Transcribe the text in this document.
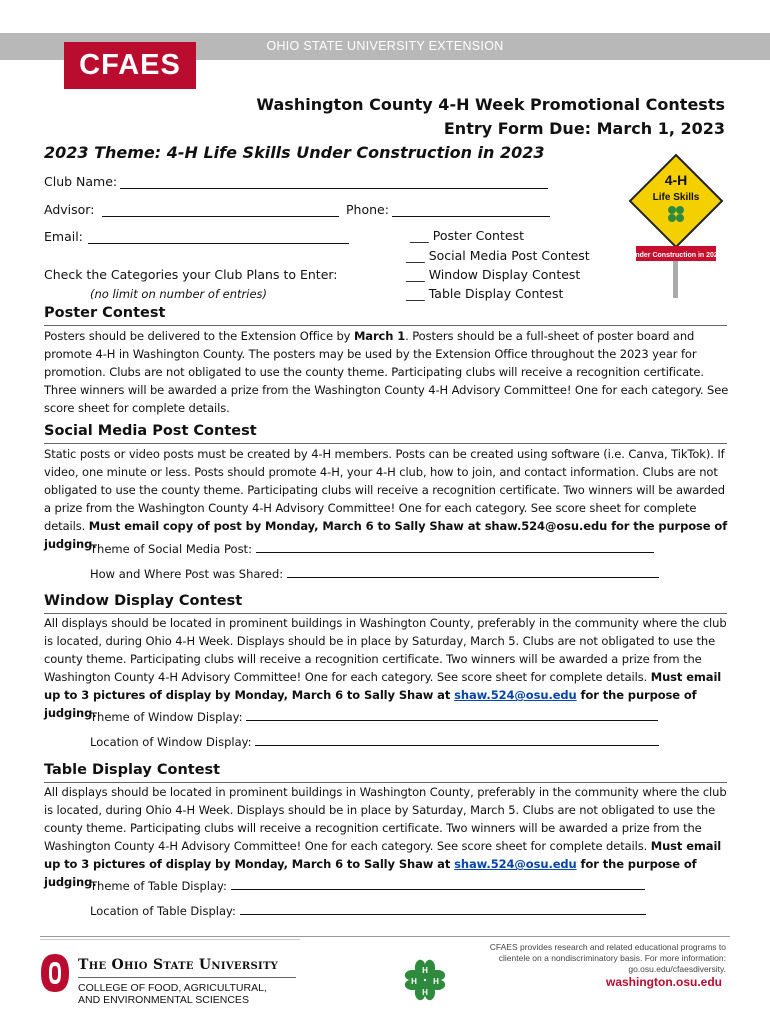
OHIO STATE UNIVERSITY EXTENSION
CFAES
Washington County 4-H Week Promotional Contests
Entry Form Due: March 1, 2023
2023 Theme: 4-H Life Skills Under Construction in 2023
Club Name:
Advisor:	Phone:
Email:
Check the Categories your Club Plans to Enter:
(no limit on number of entries)
___ Poster Contest
___ Social Media Post Contest
___ Window Display Contest
___ Table Display Contest
4-H
Life Skills
Under Construction in 2023
Poster Contest
Posters should be delivered to the Extension Office by March 1. Posters should be a full-sheet of poster board and promote 4-H in Washington County. The posters may be used by the Extension Office throughout the 2023 year for promotion. Clubs are not obligated to use the county theme. Participating clubs will receive a recognition certificate. Three winners will be awarded a prize from the Washington County 4-H Advisory Committee! One for each category. See score sheet for complete details.
Social Media Post Contest
Static posts or video posts must be created by 4-H members. Posts can be created using software (i.e. Canva, TikTok). If video, one minute or less. Posts should promote 4-H, your 4-H club, how to join, and contact information. Clubs are not obligated to use the county theme. Participating clubs will receive a recognition certificate. Two winners will be awarded a prize from the Washington County 4-H Advisory Committee! One for each category. See score sheet for complete details. Must email copy of post by Monday, March 6 to Sally Shaw at shaw.524@osu.edu for the purpose of judging.
Theme of Social Media Post:
How and Where Post was Shared:
Window Display Contest
All displays should be located in prominent buildings in Washington County, preferably in the community where the club is located, during Ohio 4-H Week. Displays should be in place by Saturday, March 5. Clubs are not obligated to use the county theme. Participating clubs will receive a recognition certificate. Two winners will be awarded a prize from the Washington County 4-H Advisory Committee! One for each category. See score sheet for complete details. Must email up to 3 pictures of display by Monday, March 6 to Sally Shaw at shaw.524@osu.edu for the purpose of judging.
Theme of Window Display:
Location of Window Display:
Table Display Contest
All displays should be located in prominent buildings in Washington County, preferably in the community where the club is located, during Ohio 4-H Week. Displays should be in place by Saturday, March 5. Clubs are not obligated to use the county theme. Participating clubs will receive a recognition certificate. Two winners will be awarded a prize from the Washington County 4-H Advisory Committee! One for each category. See score sheet for complete details. Must email up to 3 pictures of display by Monday, March 6 to Sally Shaw at shaw.524@osu.edu for the purpose of judging.
Theme of Table Display:
Location of Table Display:
The Ohio State University
COLLEGE OF FOOD, AGRICULTURAL,
AND ENVIRONMENTAL SCIENCES
H
H
H H
CFAES provides research and related educational programs to clientele on a nondiscriminatory basis. For more information: go.osu.edu/cfaesdiversity.
washington.osu.edu
